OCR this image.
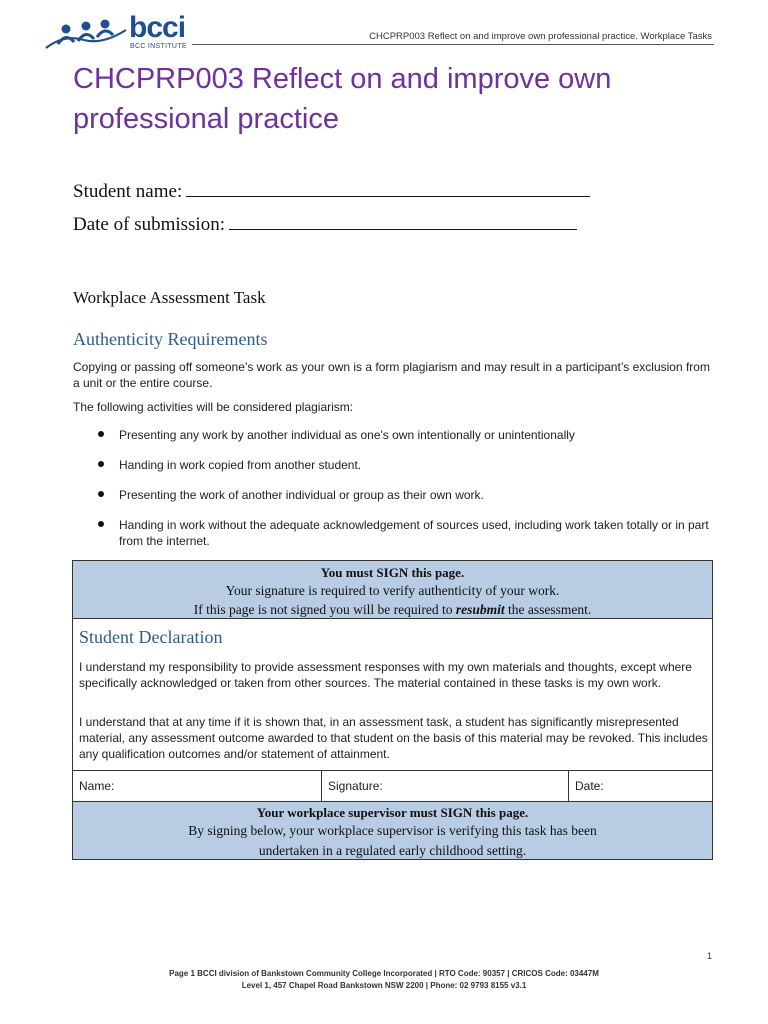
bcci
BCC INSTITUTE
CHCPRP003 Reflect on and improve own professional practice. Workplace Tasks
CHCPRP003 Reflect on and improve own professional practice
Student name:
Date of submission:
Workplace Assessment Task
Authenticity Requirements

Copying or passing off someone’s work as your own is a form plagiarism and may result in a participant’s exclusion from a unit or the entire course.

The following activities will be considered plagiarism:

Presenting any work by another individual as one's own intentionally or unintentionally
Handing in work copied from another student.
Presenting the work of another individual or group as their own work.
Handing in work without the adequate acknowledgement of sources used, including work taken totally or in part from the internet.
You must SIGN this page.
Your signature is required to verify authenticity of your work.
If this page is not signed you will be required to resubmit the assessment.
Student Declaration

I understand my responsibility to provide assessment responses with my own materials and thoughts, except where specifically acknowledged or taken from other sources. The material contained in these tasks is my own work.

I understand that at any time if it is shown that, in an assessment task, a student has significantly misrepresented material, any assessment outcome awarded to that student on the basis of this material may be revoked. This includes any qualification outcomes and/or statement of attainment.

Name:	Signature:	Date:
Your workplace supervisor must SIGN this page.
By signing below, your workplace supervisor is verifying this task has been
undertaken in a regulated early childhood setting.
1
Page 1 BCCI division of Bankstown Community College Incorporated | RTO Code: 90357 | CRICOS Code: 03447M
Level 1, 457 Chapel Road Bankstown NSW 2200 | Phone: 02 9793 8155 v3.1
